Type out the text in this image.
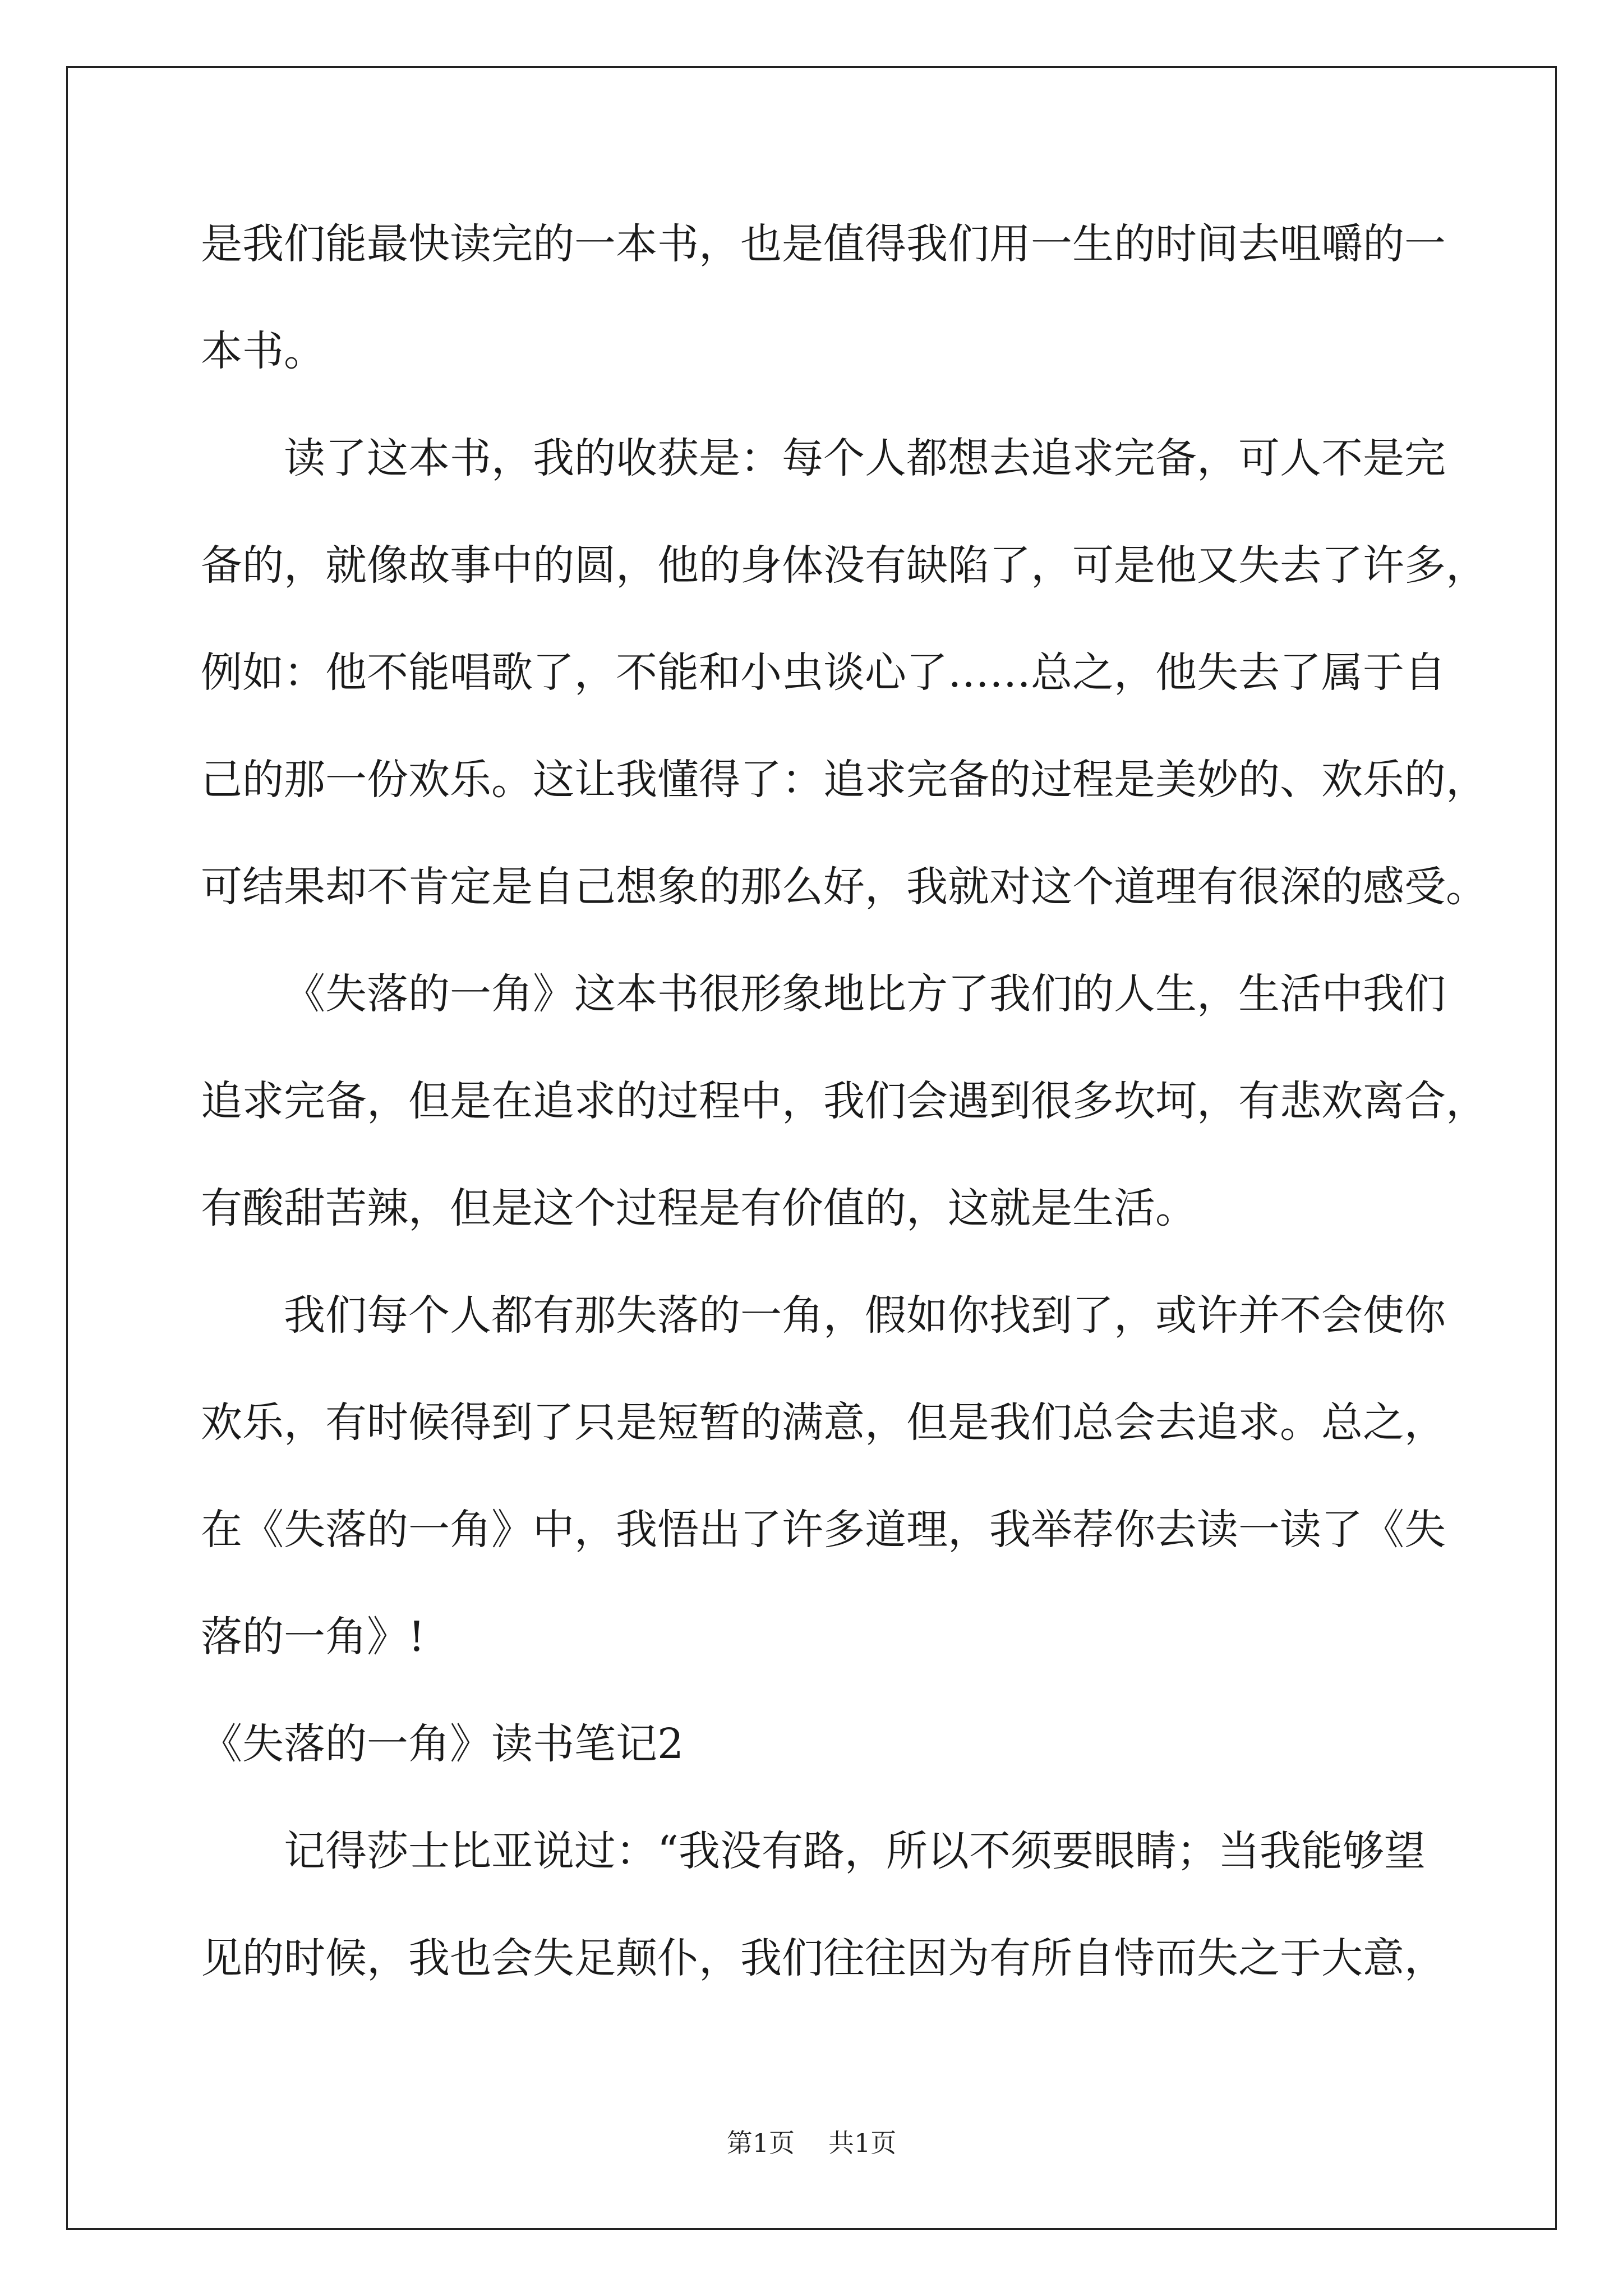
是我们能最快读完的一本书，也是值得我们用一生的时间去咀嚼的一
本书。
读了这本书，我的收获是：每个人都想去追求完备，可人不是完
备的，就像故事中的圆，他的身体没有缺陷了，可是他又失去了许多，
例如：他不能唱歌了，不能和小虫谈心了……总之，他失去了属于自
己的那一份欢乐。这让我懂得了：追求完备的过程是美妙的、欢乐的，
可结果却不肯定是自己想象的那么好，我就对这个道理有很深的感受。
《失落的一角》这本书很形象地比方了我们的人生，生活中我们
追求完备，但是在追求的过程中，我们会遇到很多坎坷，有悲欢离合，
有酸甜苦辣，但是这个过程是有价值的，这就是生活。
我们每个人都有那失落的一角，假如你找到了，或许并不会使你
欢乐，有时候得到了只是短暂的满意，但是我们总会去追求。总之，
在《失落的一角》中，我悟出了许多道理，我举荐你去读一读了《失
落的一角》!
《失落的一角》读书笔记2
记得莎士比亚说过：“我没有路，所以不须要眼睛；当我能够望
见的时候，我也会失足颠仆，我们往往因为有所自恃而失之于大意，
第1页 共1页
